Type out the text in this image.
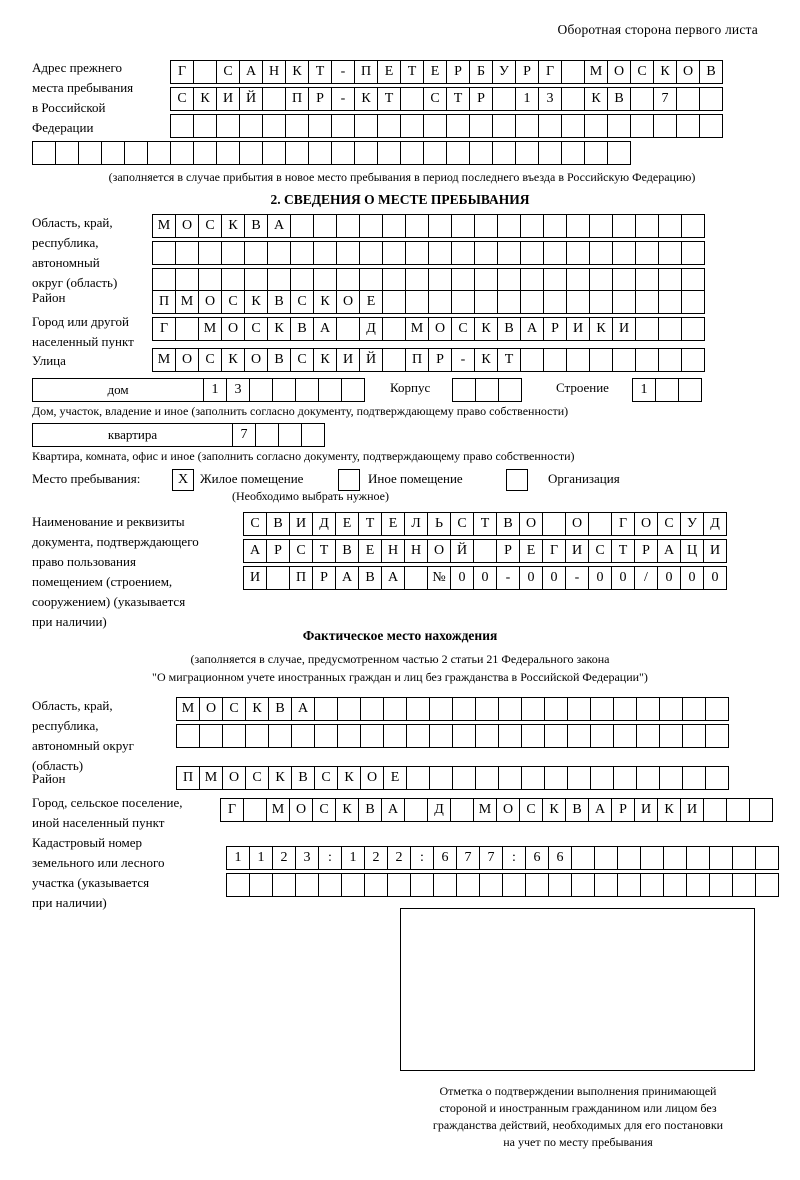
Оборотная сторона первого листа
Адрес прежнего
места пребывания
в Российской
Федерации
Г	С А Н К	Т	-	П Е	Т	Е	Р	Б	У	Р	Г	М О С К О В
С К И Й	П	Р	-	К	Т	С	Т	Р	1	3	К В	7
(заполняется в случае прибытия в новое место пребывания в период последнего въезда в Российскую Федерацию)
2. СВЕДЕНИЯ О МЕСТЕ ПРЕБЫВАНИЯ
Область, край,
республика,
автономный
округ (область)
М О С К В А
Район	П М О С К В С К О Е
Город или другой
населенный пункт
Г	М О С К В А	Д	М О С К В А	Р	И К И
Улица	М О С К О В С К И Й	П	Р	-	К	Т
дом	1	3	Корпус	Строение	1
Дом, участок, владение и иное (заполнить согласно документу, подтверждающему право собственности)
квартира	7
Квартира, комната, офис и иное (заполнить согласно документу, подтверждающему право собственности)
Место пребывания:	X Жилое помещение	Иное помещение	Организация
(Необходимо выбрать нужное)
Наименование и реквизиты
документа, подтверждающего
право пользования
помещением (строением,
сооружением) (указывается
при наличии)
С В И Д Е	Т	Е Л	Ь	С	Т	В О	О	Г О С У Д
А	Р	С	Т	В	Е Н Н О Й	Р	Е	Г И С	Т	Р	А Ц И
И	П	Р	А В А	№ 0	0	-	0	0	-	0	0	/	0	0	0
Фактическое место нахождения
(заполняется в случае, предусмотренном частью 2 статьи 21 Федерального закона
"О миграционном учете иностранных граждан и лиц без гражданства в Российской Федерации")
Область, край,
республика,
автономный округ
(область)
М О С К В А
Район	П М О С К В С К О Е
Город, сельское поселение,
иной населенный пункт
Г	М О С К В А	Д	М О С К В А	Р	И К И
Кадастровый номер
земельного или лесного
участка (указывается
при наличии)
1	1	2	3	:	1	2	2	:	6	7	7	:	6	6
Отметка о подтверждении выполнения принимающей
стороной и иностранным гражданином или лицом без
гражданства действий, необходимых для его постановки
на учет по месту пребывания
